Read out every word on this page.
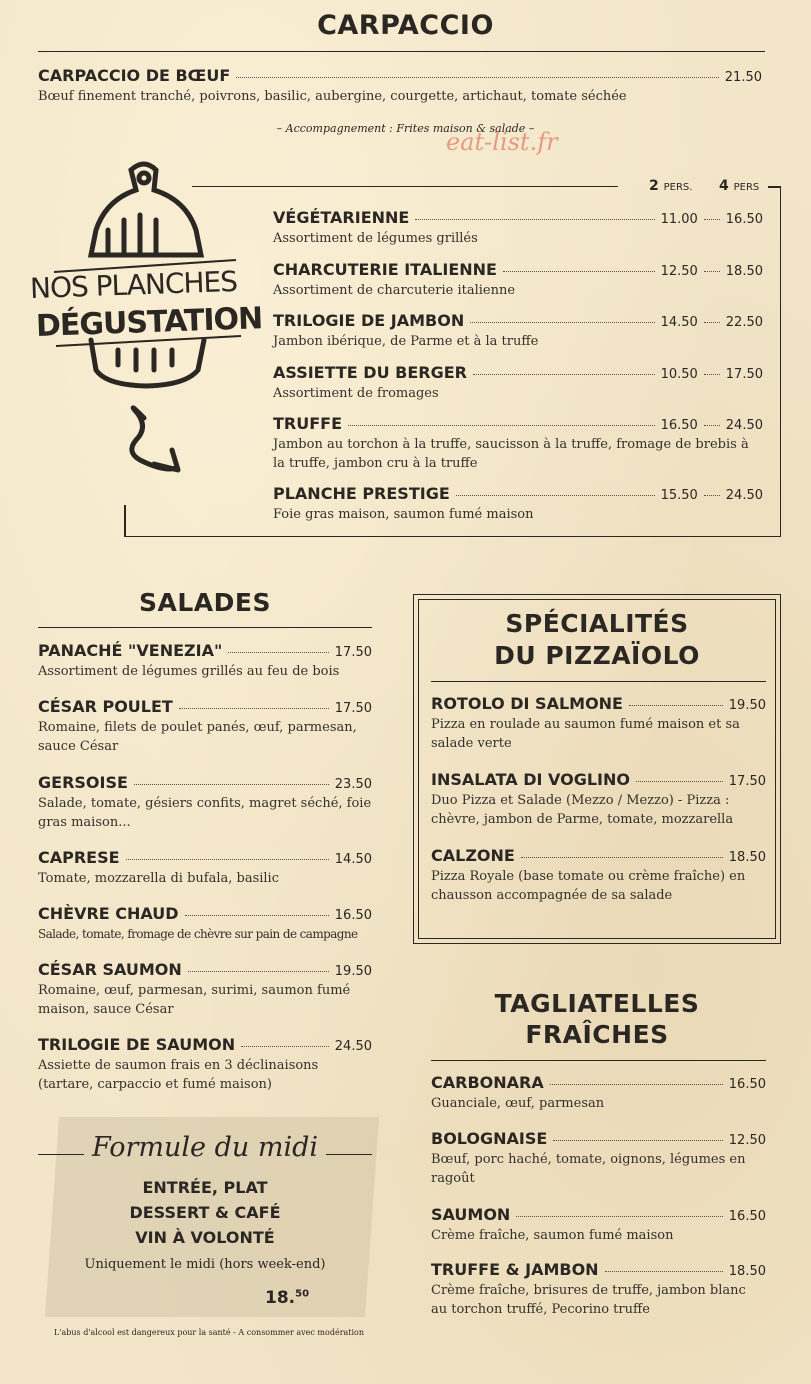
CARPACCIO
CARPACCIO DE BŒUF	21.50
Bœuf finement tranché, poivrons, basilic, aubergine, courgette, artichaut, tomate séchée
– Accompagnement : Frites maison & salade –
eat-list.fr
NOS PLANCHES
DÉGUSTATION
2 PERS. 4 PERS
VÉGÉTARIENNE	11.00 16.50
Assortiment de légumes grillés
CHARCUTERIE ITALIENNE	12.50 18.50
Assortiment de charcuterie italienne
TRILOGIE DE JAMBON	14.50 22.50
Jambon ibérique, de Parme et à la truffe
ASSIETTE DU BERGER	10.50 17.50
Assortiment de fromages
TRUFFE	16.50 24.50
Jambon au torchon à la truffe, saucisson à la truffe, fromage de brebis à la truffe, jambon cru à la truffe
PLANCHE PRESTIGE	15.50 24.50
Foie gras maison, saumon fumé maison
SALADES
PANACHÉ "VENEZIA"	17.50
Assortiment de légumes grillés au feu de bois
CÉSAR POULET	17.50
Romaine, filets de poulet panés, œuf, parmesan, sauce César
GERSOISE	23.50
Salade, tomate, gésiers confits, magret séché, foie gras maison...
CAPRESE	14.50
Tomate, mozzarella di bufala, basilic
CHÈVRE CHAUD	16.50
Salade, tomate, fromage de chèvre sur pain de campagne
CÉSAR SAUMON	19.50
Romaine, œuf, parmesan, surimi, saumon fumé maison, sauce César
TRILOGIE DE SAUMON	24.50
Assiette de saumon frais en 3 déclinaisons (tartare, carpaccio et fumé maison)
Formule du midi
ENTRÉE, PLAT
DESSERT & CAFÉ
VIN À VOLONTÉ
Uniquement le midi (hors week-end)
18.50
L'abus d'alcool est dangereux pour la santé - A consommer avec modération
SPÉCIALITÉS
DU PIZZAÏOLO
ROTOLO DI SALMONE	19.50
Pizza en roulade au saumon fumé maison et sa salade verte
INSALATA DI VOGLINO	17.50
Duo Pizza et Salade (Mezzo / Mezzo) - Pizza : chèvre, jambon de Parme, tomate, mozzarella
CALZONE	18.50
Pizza Royale (base tomate ou crème fraîche) en chausson accompagnée de sa salade
TAGLIATELLES
FRAÎCHES
CARBONARA	16.50
Guanciale, œuf, parmesan
BOLOGNAISE	12.50
Bœuf, porc haché, tomate, oignons, légumes en ragoût
SAUMON	16.50
Crème fraîche, saumon fumé maison
TRUFFE & JAMBON	18.50
Crème fraîche, brisures de truffe, jambon blanc au torchon truffé, Pecorino truffe
